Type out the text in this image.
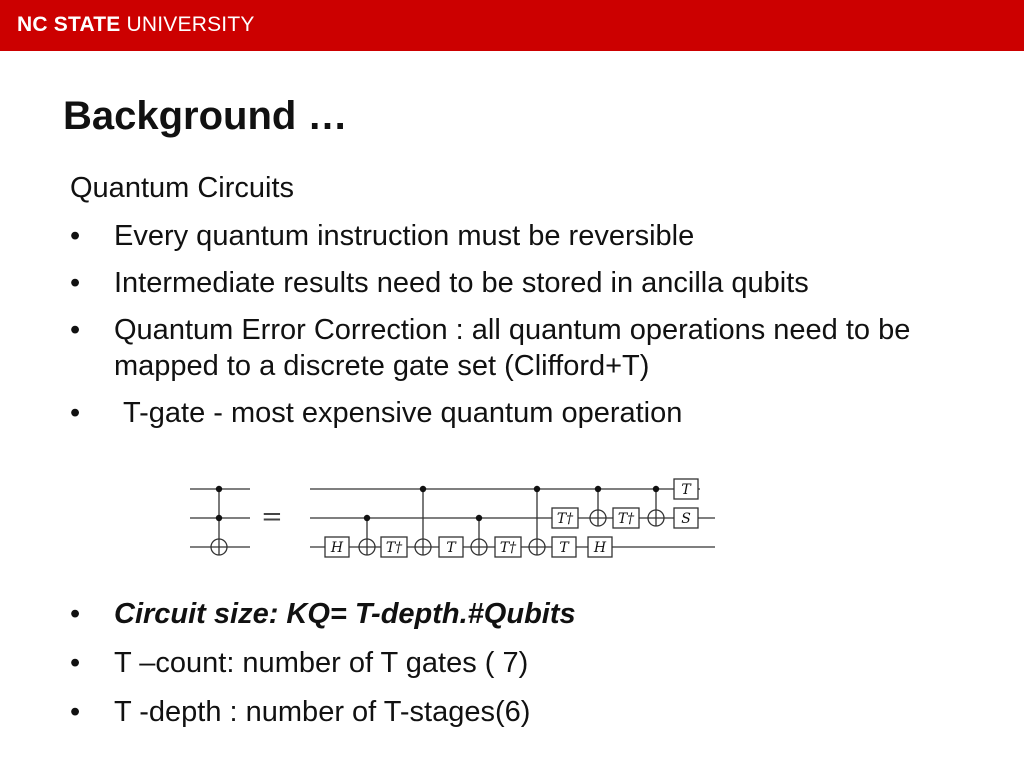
NC STATE UNIVERSITY
Background …

Quantum Circuits

•	Every quantum instruction must be reversible
•	Intermediate results need to be stored in ancilla qubits
•	Quantum Error Correction : all quantum operations need to be mapped to a discrete gate set (Clifford+T)
•	T-gate - most expensive quantum operation
=
H	T†	T	T†
T†
T H
T†
T
S
•	Circuit size: KQ= T-depth.#Qubits
•	T –count: number of T gates ( 7)
•	T -depth : number of T-stages(6)
